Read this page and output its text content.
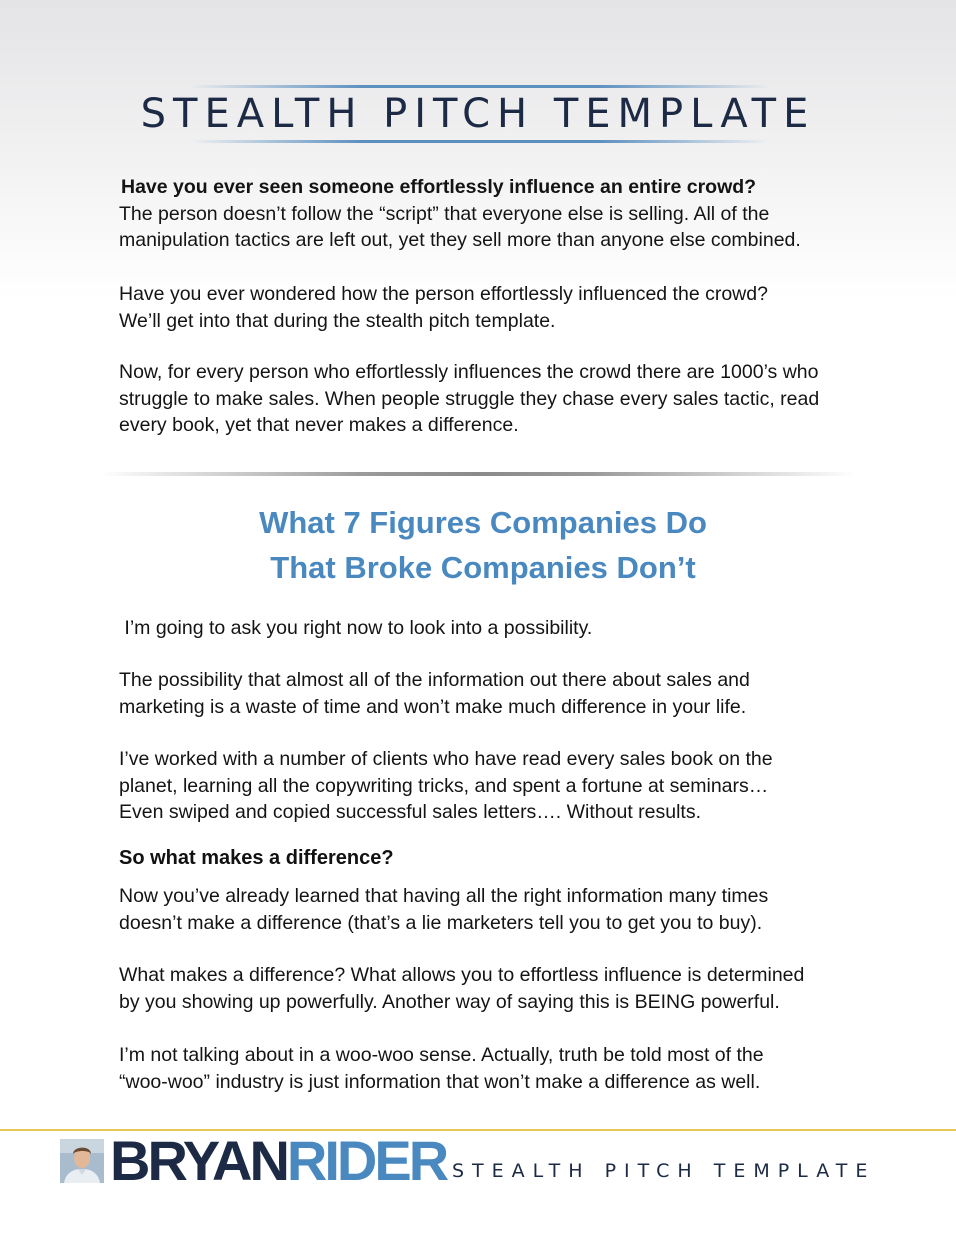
STEALTH PITCH TEMPLATE

Have you ever seen someone effortlessly influence an entire crowd?

The person doesn’t follow the “script” that everyone else is selling. All of the

manipulation tactics are left out, yet they sell more than anyone else combined.

Have you ever wondered how the person effortlessly influenced the crowd?

We’ll get into that during the stealth pitch template.

Now, for every person who effortlessly influences the crowd there are 1000’s who

struggle to make sales. When people struggle they chase every sales tactic, read

every book, yet that never makes a difference.

What 7 Figures Companies Do
That Broke Companies Don’t

I’m going to ask you right now to look into a possibility.

The possibility that almost all of the information out there about sales and

marketing is a waste of time and won’t make much difference in your life.

I’ve worked with a number of clients who have read every sales book on the

planet, learning all the copywriting tricks, and spent a fortune at seminars…

Even swiped and copied successful sales letters…. Without results.

So what makes a difference?

Now you’ve already learned that having all the right information many times

doesn’t make a difference (that’s a lie marketers tell you to get you to buy).

What makes a difference? What allows you to effortless influence is determined

by you showing up powerfully. Another way of saying this is BEING powerful.

I’m not talking about in a woo-woo sense. Actually, truth be told most of the

“woo-woo” industry is just information that won’t make a difference as well.

BRYANRIDER STEALTH PITCH TEMPLATE
